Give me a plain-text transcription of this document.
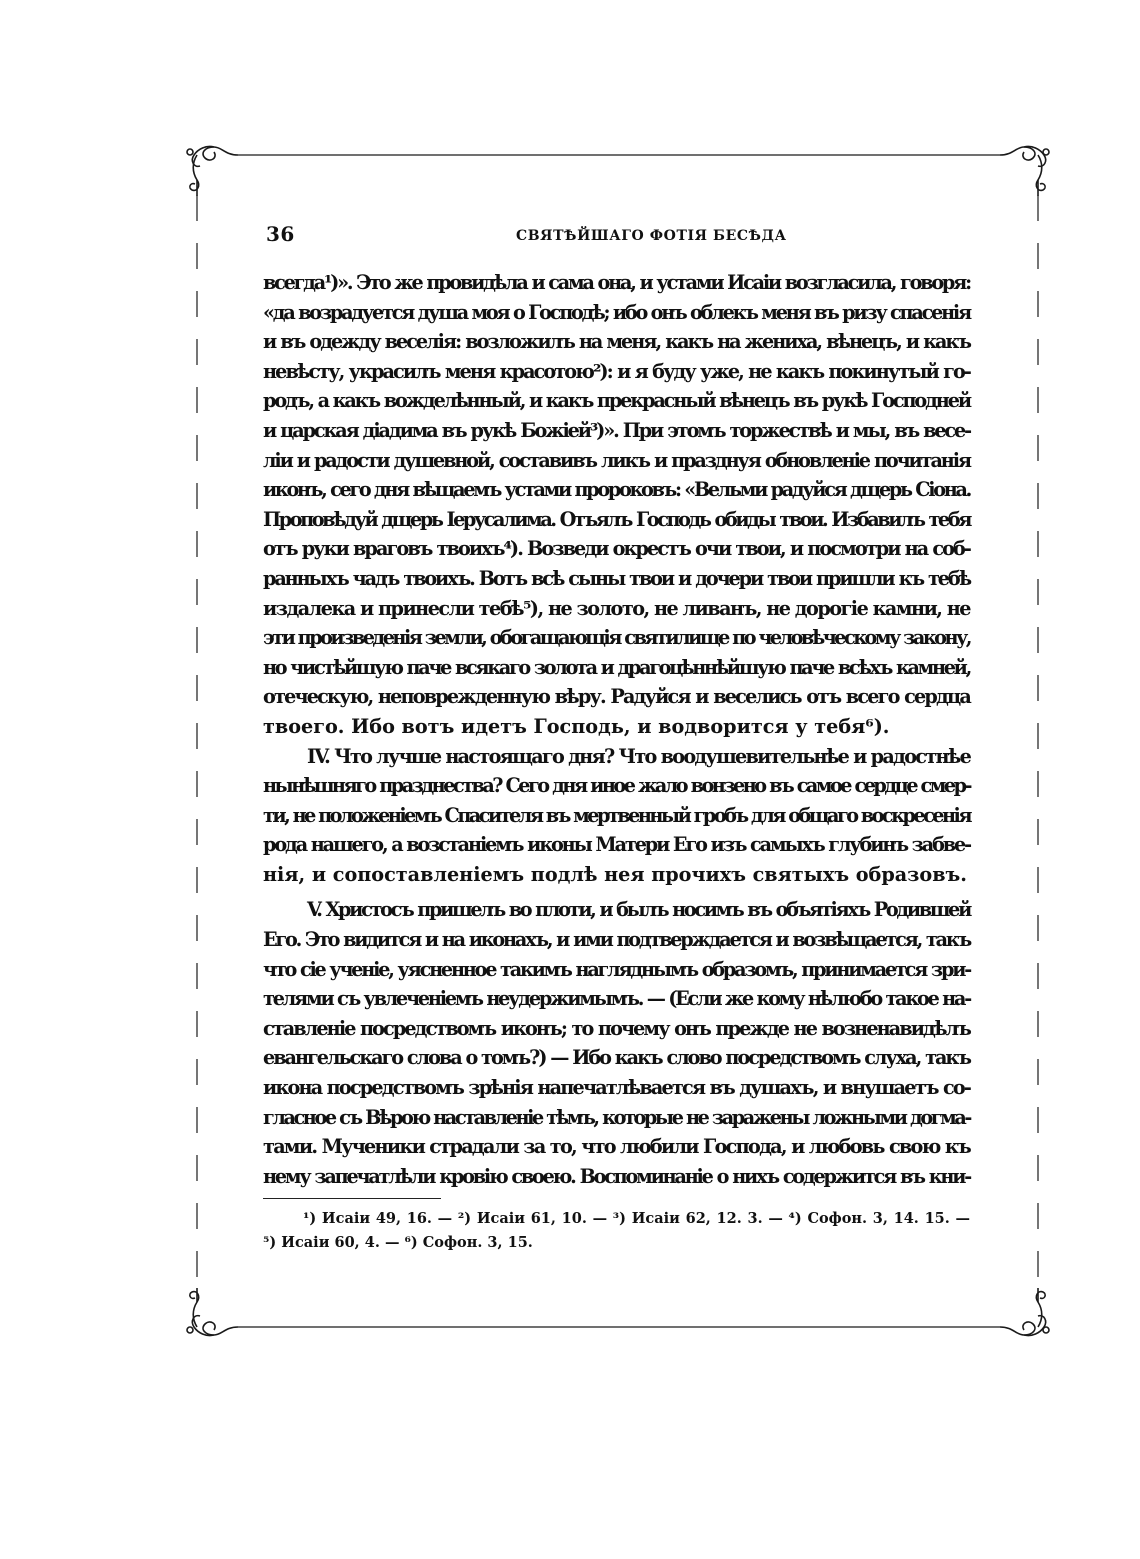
36	СВЯТѢЙШАГО ФОТІЯ БЕСѢДА
всегда¹)». Это же провидѣла и сама она, и устами Исаіи возгласила, говоря:
«да возрадуется душа моя о Господѣ; ибо онъ облекъ меня въ ризу спасенія
и въ одежду веселія: возложилъ на меня, какъ на жениха, вѣнецъ, и какъ
невѣсту, украсилъ меня красотою²): и я буду уже, не какъ покинутый го-
родъ, а какъ вожделѣнный, и какъ прекрасный вѣнецъ въ рукѣ Господней
и царская діадима въ рукѣ Божіей³)». При этомъ торжествѣ и мы, въ весе-
ліи и радости душевной, составивъ ликъ и празднуя обновленіе почитанія
иконъ, сего дня вѣщаемъ устами пророковъ: «Вельми радуйся дщерь Сіона.
Проповѣдуй дщерь Іерусалима. Отъялъ Господь обиды твои. Избавилъ тебя
отъ руки враговъ твоихъ⁴). Возведи окрестъ очи твои, и посмотри на соб-
ранныхъ чадъ твоихъ. Вотъ всѣ сыны твои и дочери твои пришли къ тебѣ
издалека и принесли тебѣ⁵), не золото, не ливанъ, не дорогіе камни, не
эти произведенія земли, обогащающія святилище по человѣческому закону,
но чистѣйшую паче всякаго золота и драгоцѣннѣйшую паче всѣхъ камней,
отеческую, неповрежденную вѣру. Радуйся и веселись отъ всего сердца
твоего. Ибо вотъ идетъ Господь, и водворится у тебя⁶).
IV. Что лучше настоящаго дня? Что воодушевительнѣе и радостнѣе
нынѣшняго празднества? Сего дня иное жало вонзено въ самое сердце смер-
ти, не положеніемъ Спасителя въ мертвенный гробъ для общаго воскресенія
рода нашего, а возстаніемъ иконы Матери Его изъ самыхъ глубинъ забве-
нія, и сопоставленіемъ подлѣ нея прочихъ святыхъ образовъ.
V. Христосъ пришелъ во плоти, и былъ носимъ въ объятіяхъ Родившей
Его. Это видится и на иконахъ, и ими подтверждается и возвѣщается, такъ
что сіе ученіе, уясненное такимъ нагляднымъ образомъ, принимается зри-
телями съ увлеченіемъ неудержимымъ. — (Если же кому нѣлюбо такое на-
ставленіе посредствомъ иконъ; то почему онъ прежде не возненавидѣлъ
евангельскаго слова о томъ?) — Ибо какъ слово посредствомъ слуха, такъ
икона посредствомъ зрѣнія напечатлѣвается въ душахъ, и внушаетъ со-
гласное съ Вѣрою наставленіе тѣмъ, которые не заражены ложными догма-
тами. Мученики страдали за то, что любили Господа, и любовь свою къ
нему запечатлѣли кровію своею. Воспоминаніе о нихъ содержится въ кни-
¹) Исаіи 49, 16. — ²) Исаіи 61, 10. — ³) Исаіи 62, 12. 3. — ⁴) Софон. 3, 14. 15. —
⁵) Исаіи 60, 4. — ⁶) Софон. 3, 15.
